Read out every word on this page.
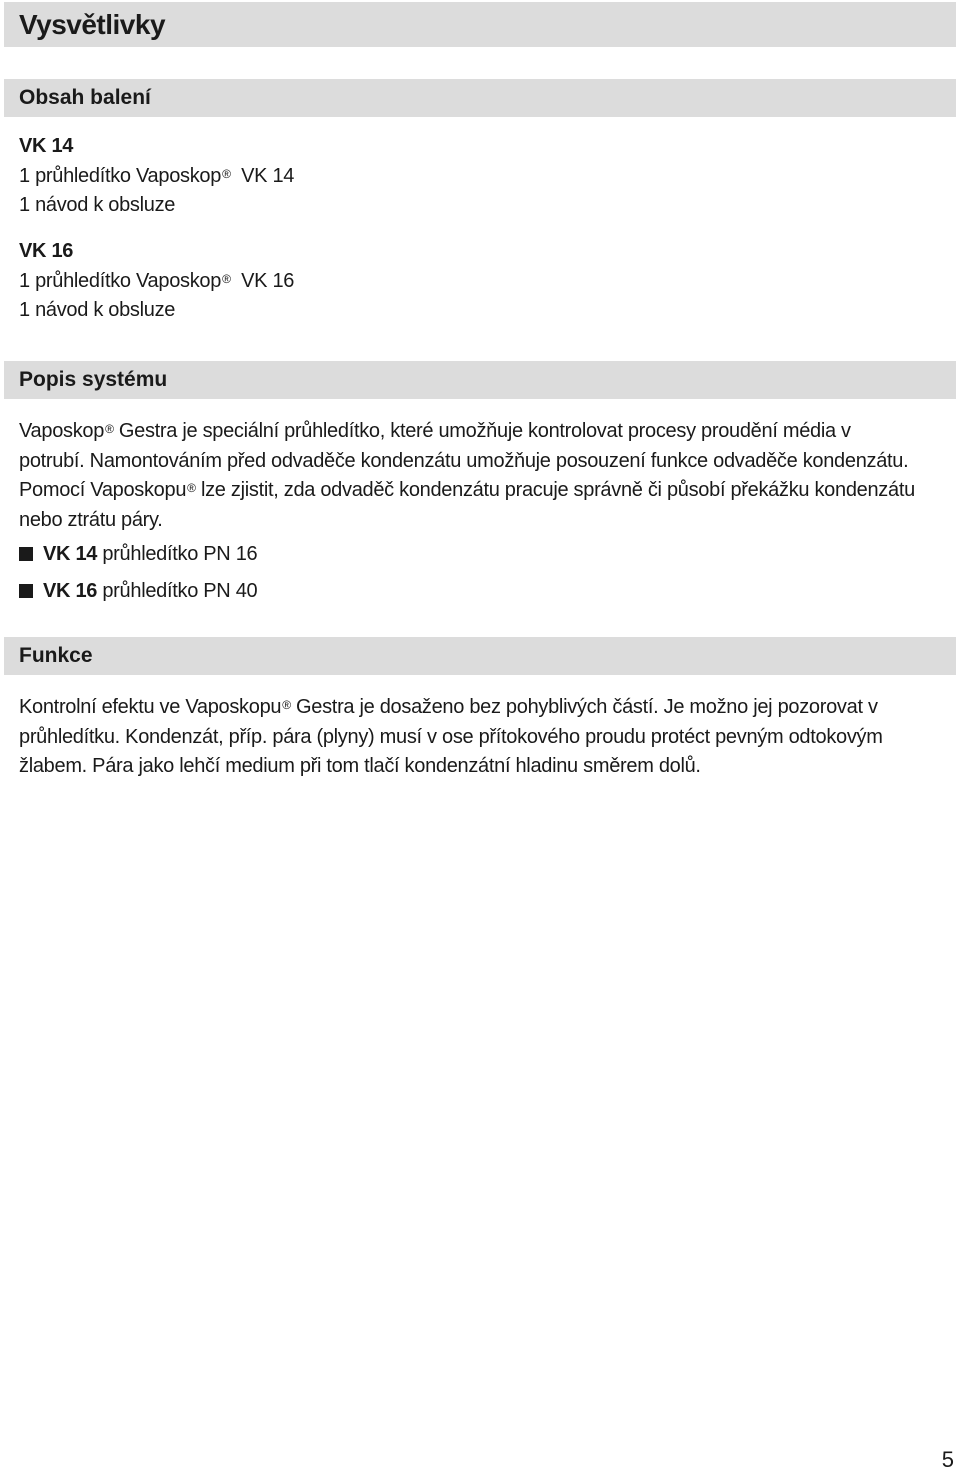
Vysvětlivky
Obsah balení
VK 14
1 průhledítko Vaposkop® VK 14
1 návod k obsluze
VK 16
1 průhledítko Vaposkop® VK 16
1 návod k obsluze
Popis systému
Vaposkop® Gestra je speciální průhledítko, které umožňuje kontrolovat procesy proudění média v
potrubí. Namontováním před odvaděče kondenzátu umožňuje posouzení funkce odvaděče kondenzátu.
Pomocí Vaposkopu® lze zjistit, zda odvaděč kondenzátu pracuje správně či působí překážku kondenzátu
nebo ztrátu páry.
VK 14 průhledítko PN 16
VK 16 průhledítko PN 40
Funkce
Kontrolní efektu ve Vaposkopu® Gestra je dosaženo bez pohyblivých částí. Je možno jej pozorovat v
průhledítku. Kondenzát, příp. pára (plyny) musí v ose přítokového proudu protéct pevným odtokovým
žlabem. Pára jako lehčí medium při tom tlačí kondenzátní hladinu směrem dolů.
5
